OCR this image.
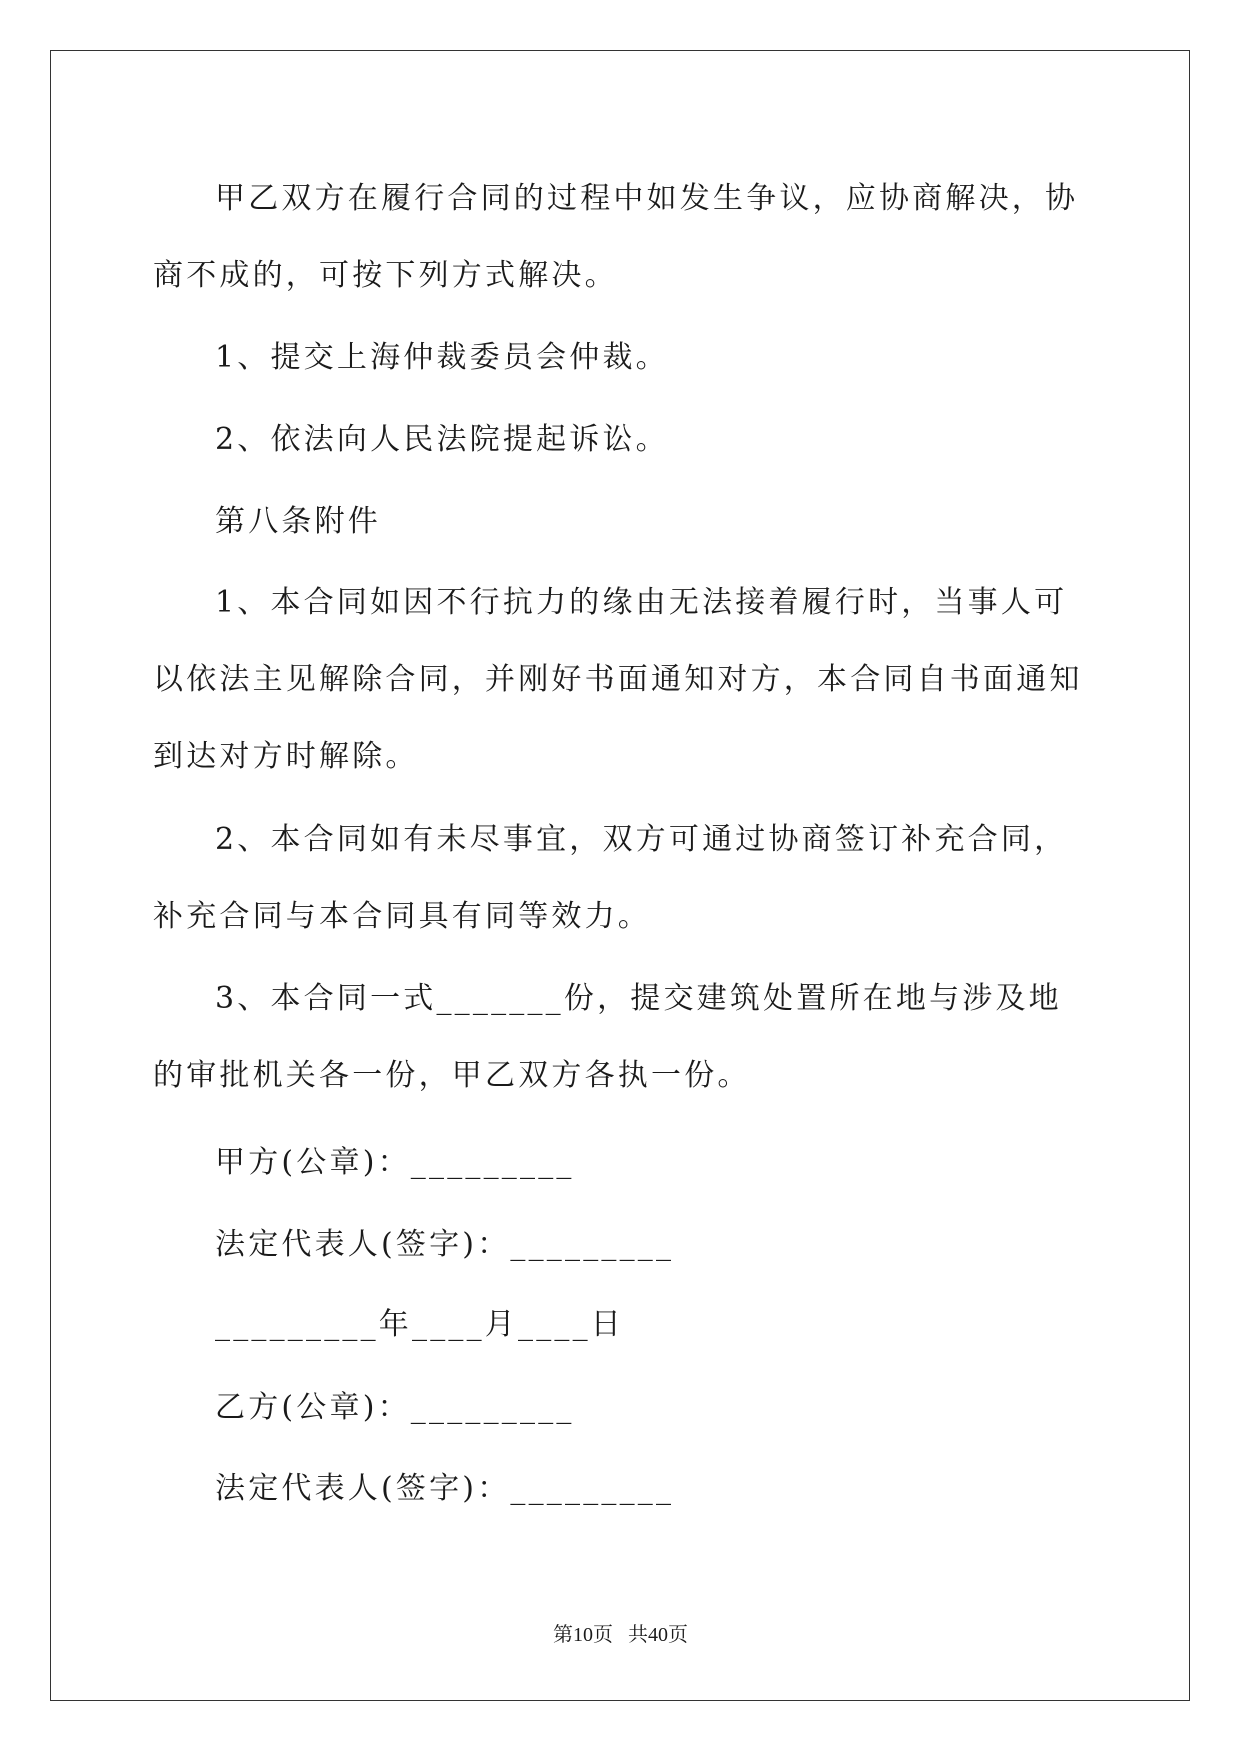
甲乙双方在履行合同的过程中如发生争议，应协商解决，协商不成的，可按下列方式解决。

1、提交上海仲裁委员会仲裁。

2、依法向人民法院提起诉讼。

第八条附件

1、本合同如因不行抗力的缘由无法接着履行时，当事人可以依法主见解除合同，并刚好书面通知对方，本合同自书面通知到达对方时解除。

2、本合同如有未尽事宜，双方可通过协商签订补充合同，补充合同与本合同具有同等效力。

3、本合同一式_______份，提交建筑处置所在地与涉及地的审批机关各一份，甲乙双方各执一份。

甲方(公章)：_________

法定代表人(签字)：_________

_________年____月____日

乙方(公章)：_________

法定代表人(签字)：_________

第10页 共40页
